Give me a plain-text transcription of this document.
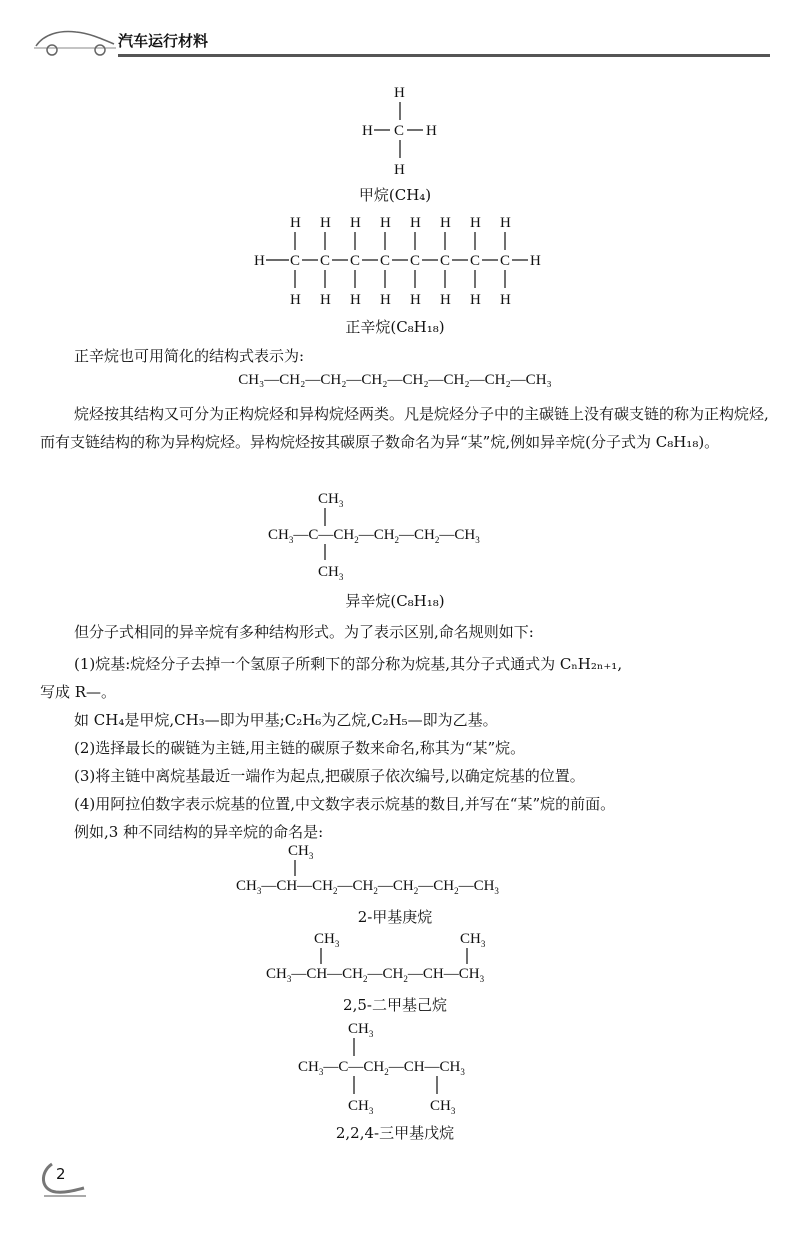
汽车运行材料
H
H C H
H
甲烷(CH₄)
H
H
C
H
H
C
H
H
C
H
H
C
H
H
C
H
H
C
H
H
C
H
H
C
H
H
正辛烷(C₈H₁₈)
正辛烷也可用简化的结构式表示为:
CH₃—CH₂—CH₂—CH₂—CH₂—CH₂—CH₂—CH₃
烷烃按其结构又可分为正构烷烃和异构烷烃两类。凡是烷烃分子中的主碳链上没有碳支链的称为正构烷烃,而有支链结构的称为异构烷烃。异构烷烃按其碳原子数命名为异“某”烷,例如异辛烷(分子式为 C₈H₁₈)。
$CH_3$
$CH_3—C—CH_2—CH_2—CH_2—CH_3$
$CH_3$
异辛烷(C₈H₁₈)
但分子式相同的异辛烷有多种结构形式。为了表示区别,命名规则如下:
(1)烷基:烷烃分子去掉一个氢原子所剩下的部分称为烷基,其分子式通式为 CₙH₂ₙ₊₁,
写成 R—。
如 CH₄是甲烷,CH₃—即为甲基;C₂H₆为乙烷,C₂H₅—即为乙基。
(2)选择最长的碳链为主链,用主链的碳原子数来命名,称其为“某”烷。
(3)将主链中离烷基最近一端作为起点,把碳原子依次编号,以确定烷基的位置。
(4)用阿拉伯数字表示烷基的位置,中文数字表示烷基的数目,并写在“某”烷的前面。
例如,3 种不同结构的异辛烷的命名是:
$CH_3$
$CH_3—CH—CH_2—CH_2—CH_2—CH_2—CH_3$
2-甲基庚烷
$CH_3$	$CH_3$
$CH_3—CH—CH_2—CH_2—CH—CH_3$
2,5-二甲基己烷
$CH_3$
$CH_3—C—CH_2—CH—CH_3$
$CH_3$	$CH_3$
2,2,4-三甲基戊烷
2
